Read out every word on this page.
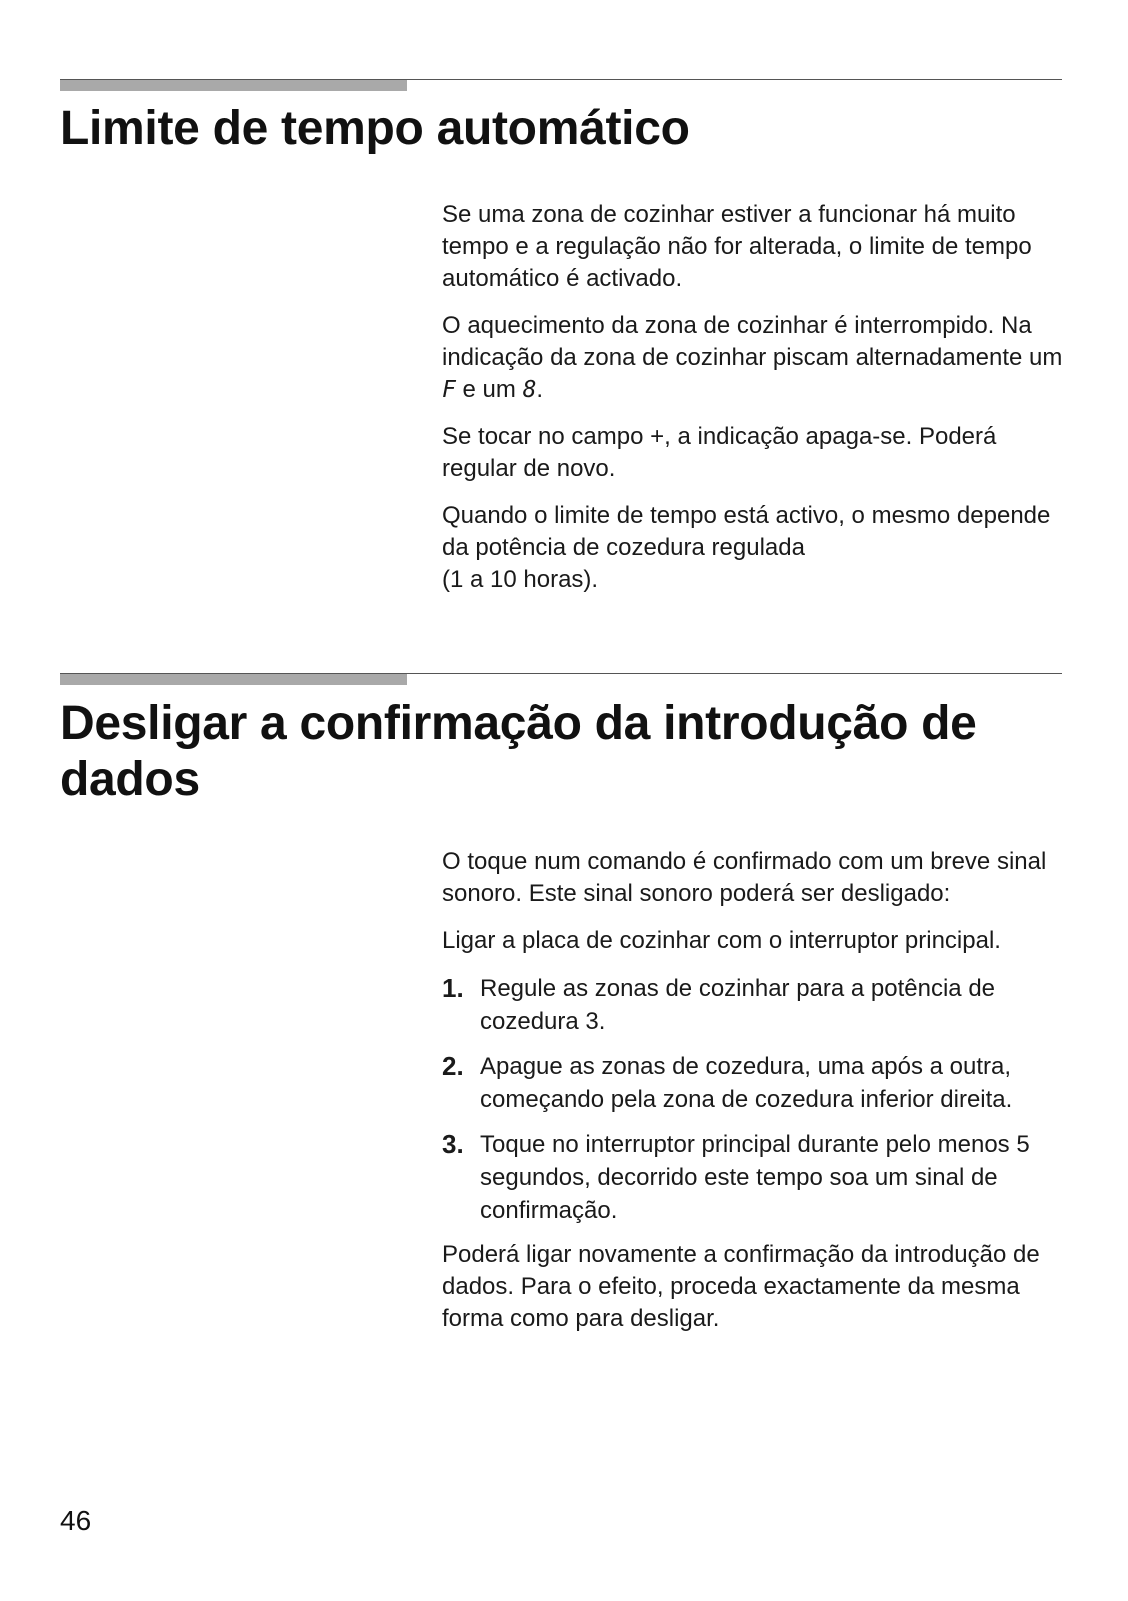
Limite de tempo automático

Se uma zona de cozinhar estiver a funcionar há muito tempo e a regulação não for alterada, o limite de tempo automático é activado.

O aquecimento da zona de cozinhar é interrompido. Na indicação da zona de cozinhar piscam alternadamente um F e um 8.

Se tocar no campo +, a indicação apaga-se. Poderá regular de novo.

Quando o limite de tempo está activo, o mesmo depende da potência de cozedura regulada
(1 a 10 horas).

Desligar a confirmação da introdução de dados

O toque num comando é confirmado com um breve sinal sonoro. Este sinal sonoro poderá ser desligado:

Ligar a placa de cozinhar com o interruptor principal.

1. Regule as zonas de cozinhar para a potência de cozedura 3.
2. Apague as zonas de cozedura, uma após a outra, começando pela zona de cozedura inferior direita.
3. Toque no interruptor principal durante pelo menos 5 segundos, decorrido este tempo soa um sinal de confirmação.

Poderá ligar novamente a confirmação da introdução de dados. Para o efeito, proceda exactamente da mesma forma como para desligar.

46
